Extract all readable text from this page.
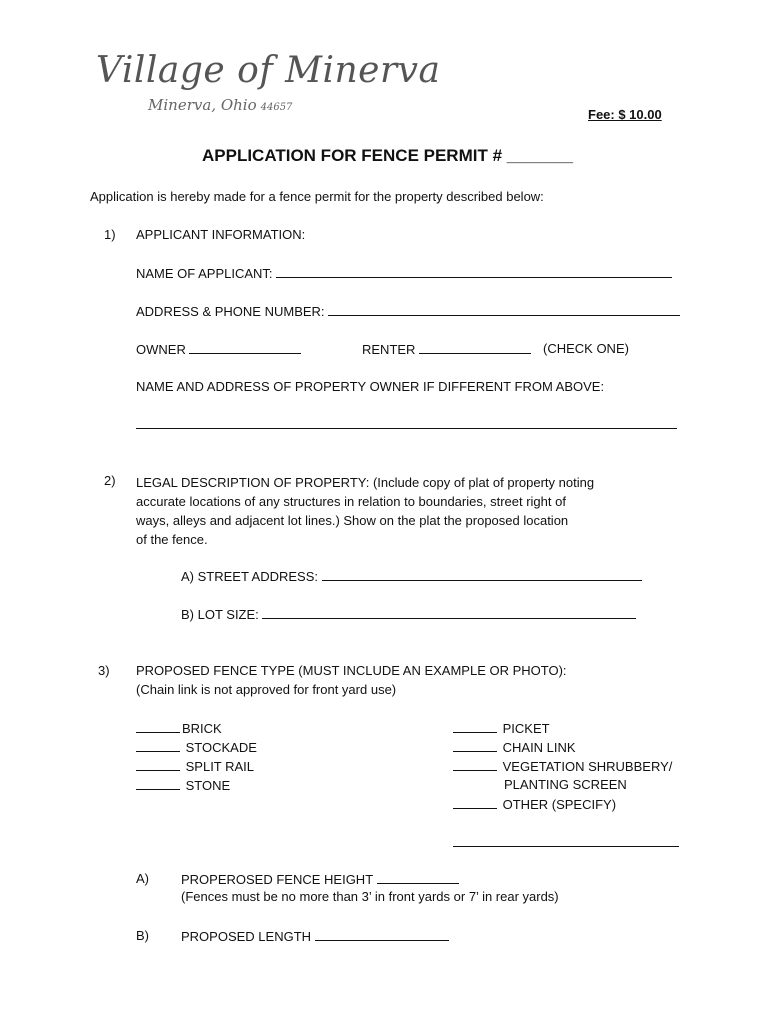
Village of Minerva
Minerva, Ohio 44657	Fee: $ 10.00
APPLICATION FOR FENCE PERMIT # _______
Application is hereby made for a fence permit for the property described below:
1) APPLICANT INFORMATION:
NAME OF APPLICANT:
ADDRESS & PHONE NUMBER:
OWNER	RENTER	(CHECK ONE)
NAME AND ADDRESS OF PROPERTY OWNER IF DIFFERENT FROM ABOVE:
2) LEGAL DESCRIPTION OF PROPERTY: (Include copy of plat of property noting
accurate locations of any structures in relation to boundaries, street right of
ways, alleys and adjacent lot lines.) Show on the plat the proposed location
of the fence.
A) STREET ADDRESS:
B) LOT SIZE:
3) PROPOSED FENCE TYPE (MUST INCLUDE AN EXAMPLE OR PHOTO):
(Chain link is not approved for front yard use)
BRICK
STOCKADE
SPLIT RAIL
STONE
PICKET
CHAIN LINK
VEGETATION SHRUBBERY/
PLANTING SCREEN
OTHER (SPECIFY)
A) PROPEROSED FENCE HEIGHT
(Fences must be no more than 3’ in front yards or 7’ in rear yards)
B) PROPOSED LENGTH
